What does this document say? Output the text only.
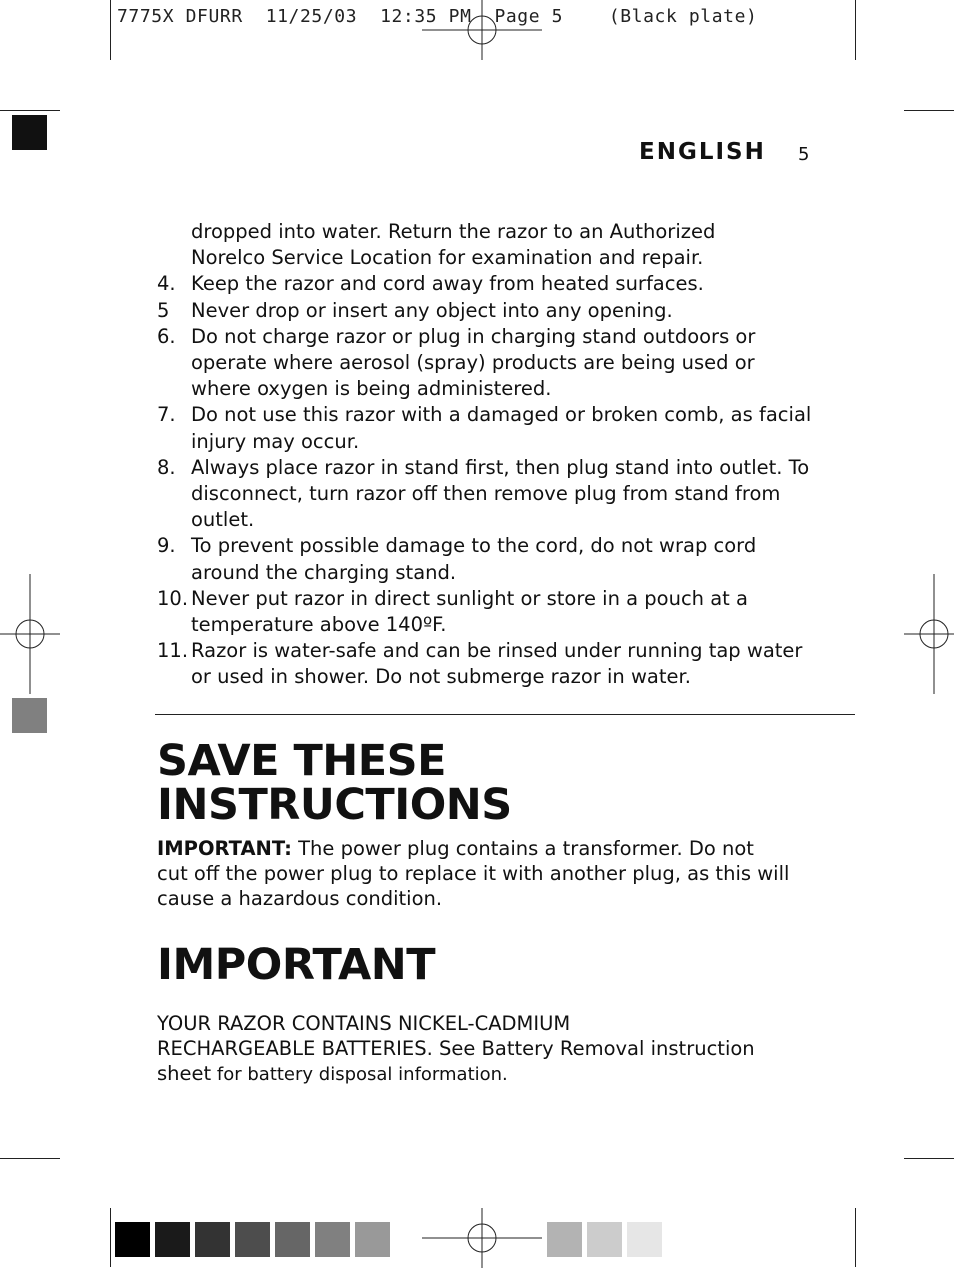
7775X DFURR 11/25/03 12:35 PM Page 5	(Black plate)
ENGLISH 5
dropped into water. Return the razor to an Authorized
Norelco Service Location for examination and repair.
4. Keep the razor and cord away from heated surfaces.
5	Never drop or insert any object into any opening.
6. Do not charge razor or plug in charging stand outdoors or
operate where aerosol (spray) products are being used or
where oxygen is being administered.
7. Do not use this razor with a damaged or broken comb, as facial
injury may occur.
8. Always place razor in stand first, then plug stand into outlet. To
disconnect, turn razor off then remove plug from stand from
outlet.
9. To prevent possible damage to the cord, do not wrap cord
around the charging stand.
10. Never put razor in direct sunlight or store in a pouch at a
temperature above 140ºF.
11. Razor is water-safe and can be rinsed under running tap water
or used in shower. Do not submerge razor in water.
SAVE THESE
INSTRUCTIONS
IMPORTANT: The power plug contains a transformer. Do not
cut off the power plug to replace it with another plug, as this will
cause a hazardous condition.
IMPORTANT
YOUR RAZOR CONTAINS NICKEL-CADMIUM
RECHARGEABLE BATTERIES. See Battery Removal instruction
sheet for battery disposal information.
